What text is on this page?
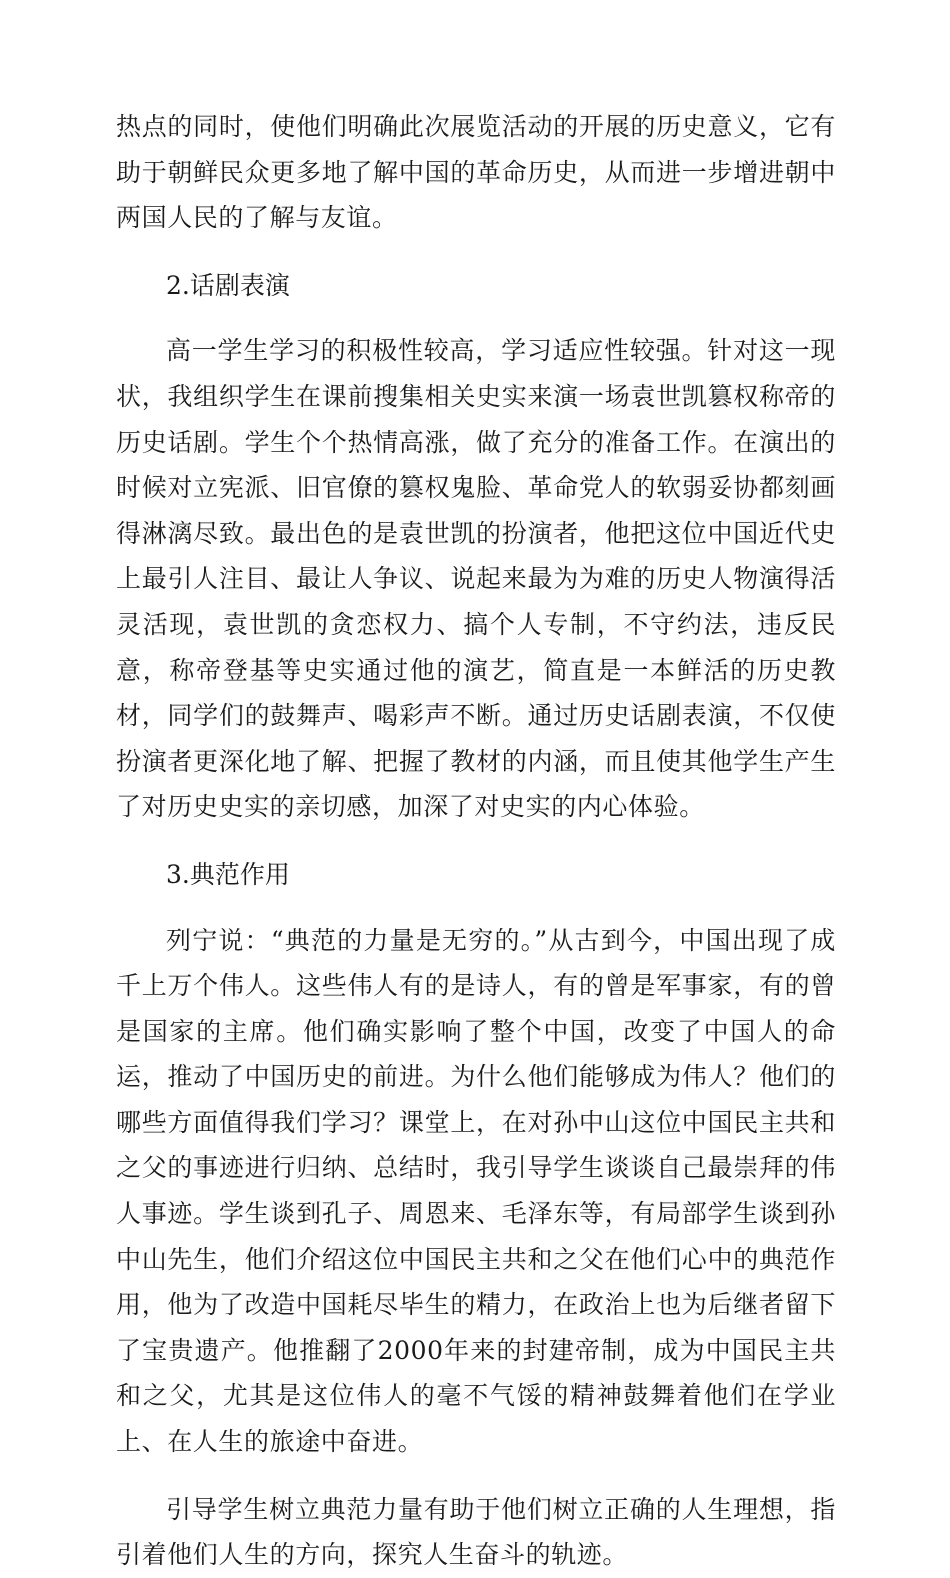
热点的同时，使他们明确此次展览活动的开展的历史意义，它有助于朝鲜民众更多地了解中国的革命历史，从而进一步增进朝中两国人民的了解与友谊。

2.话剧表演

高一学生学习的积极性较高，学习适应性较强。针对这一现状，我组织学生在课前搜集相关史实来演一场袁世凯篡权称帝的历史话剧。学生个个热情高涨，做了充分的准备工作。在演出的时候对立宪派、旧官僚的篡权鬼脸、革命党人的软弱妥协都刻画得淋漓尽致。最出色的是袁世凯的扮演者，他把这位中国近代史上最引人注目、最让人争议、说起来最为为难的历史人物演得活灵活现，袁世凯的贪恋权力、搞个人专制，不守约法，违反民意，称帝登基等史实通过他的演艺，简直是一本鲜活的历史教材，同学们的鼓舞声、喝彩声不断。通过历史话剧表演，不仅使扮演者更深化地了解、把握了教材的内涵，而且使其他学生产生了对历史史实的亲切感，加深了对史实的内心体验。

3.典范作用

列宁说：“典范的力量是无穷的。”从古到今，中国出现了成千上万个伟人。这些伟人有的是诗人，有的曾是军事家，有的曾是国家的主席。他们确实影响了整个中国，改变了中国人的命运，推动了中国历史的前进。为什么他们能够成为伟人？他们的哪些方面值得我们学习？课堂上，在对孙中山这位中国民主共和之父的事迹进行归纳、总结时，我引导学生谈谈自己最崇拜的伟人事迹。学生谈到孔子、周恩来、毛泽东等，有局部学生谈到孙中山先生，他们介绍这位中国民主共和之父在他们心中的典范作用，他为了改造中国耗尽毕生的精力，在政治上也为后继者留下了宝贵遗产。他推翻了2000年来的封建帝制，成为中国民主共和之父，尤其是这位伟人的毫不气馁的精神鼓舞着他们在学业上、在人生的旅途中奋进。

引导学生树立典范力量有助于他们树立正确的人生理想，指引着他们人生的方向，探究人生奋斗的轨迹。
